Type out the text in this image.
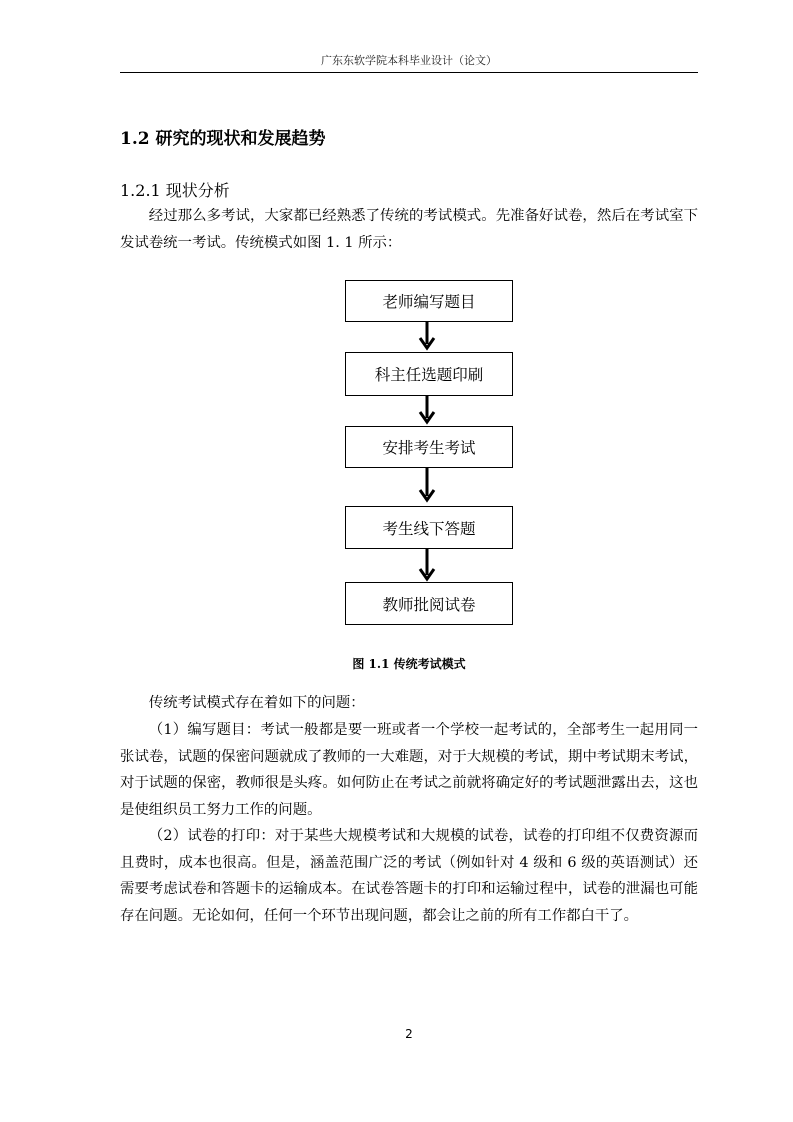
广东东软学院本科毕业设计（论文）
1.2 研究的现状和发展趋势
1.2.1 现状分析
经过那么多考试，大家都已经熟悉了传统的考试模式。先准备好试卷，然后在考试室下发试卷统一考试。传统模式如图 1. 1 所示：
老师编写题目
科主任选题印刷
安排考生考试
考生线下答题
教师批阅试卷
图 1.1 传统考试模式
传统考试模式存在着如下的问题：
（1）编写题目：考试一般都是要一班或者一个学校一起考试的，全部考生一起用同一张试卷，试题的保密问题就成了教师的一大难题，对于大规模的考试，期中考试期末考试，对于试题的保密，教师很是头疼。如何防止在考试之前就将确定好的考试题泄露出去，这也是使组织员工努力工作的问题。
（2）试卷的打印：对于某些大规模考试和大规模的试卷，试卷的打印组不仅费资源而且费时，成本也很高。但是，涵盖范围广泛的考试（例如针对 4 级和 6 级的英语测试）还需要考虑试卷和答题卡的运输成本。在试卷答题卡的打印和运输过程中，试卷的泄漏也可能存在问题。无论如何，任何一个环节出现问题，都会让之前的所有工作都白干了。
2
